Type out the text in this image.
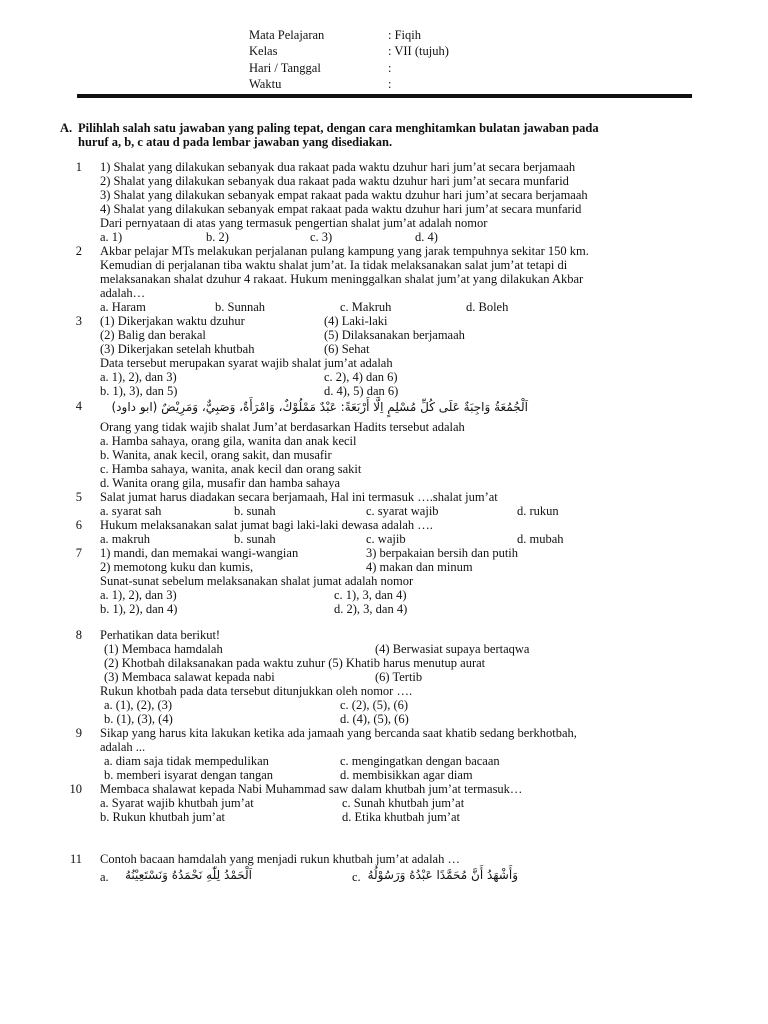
Mata Pelajaran	: Fiqih
Kelas	: VII (tujuh)
Hari / Tanggal	:
Waktu	:
A. Pilihlah salah satu jawaban yang paling tepat, dengan cara menghitamkan bulatan jawaban pada
huruf a, b, c atau d pada lembar jawaban yang disediakan.
1 1) Shalat yang dilakukan sebanyak dua rakaat pada waktu dzuhur hari jum’at secara berjamaah
2) Shalat yang dilakukan sebanyak dua rakaat pada waktu dzuhur hari jum’at secara munfarid
3) Shalat yang dilakukan sebanyak empat rakaat pada waktu dzuhur hari jum’at secara berjamaah
4) Shalat yang dilakukan sebanyak empat rakaat pada waktu dzuhur hari jum’at secara munfarid
Dari pernyataan di atas yang termasuk pengertian shalat jum’at adalah nomor
a. 1)	b. 2)	c. 3)	d. 4)
2 Akbar pelajar MTs melakukan perjalanan pulang kampung yang jarak tempuhnya sekitar 150 km.
Kemudian di perjalanan tiba waktu shalat jum’at. Ia tidak melaksanakan salat jum’at tetapi di
melaksanakan shalat dzuhur 4 rakaat. Hukum meninggalkan shalat jum’at yang dilakukan Akbar
adalah…
a. Haram	b. Sunnah	c. Makruh	d. Boleh
3 (1) Dikerjakan waktu dzuhur	(4) Laki-laki
(2) Balig dan berakal	(5) Dilaksanakan berjamaah
(3) Dikerjakan setelah khutbah	(6) Sehat
Data tersebut merupakan syarat wajib shalat jum’at adalah
a. 1), 2), dan 3)	c. 2), 4) dan 6)
b. 1), 3), dan 5)	d. 4), 5) dan 6)
4	اَلْجُمُعَةُ وَاجِبَةٌ عَلَى كُلِّ مُسْلِمٍ اِلَّا أَرْبَعَةً: عَبْدٌ مَمْلُوْكٌ، وَامْرَأَةٌ، وَصَبِيٌّ، وَمَرِيْضٌ (ابو داود)
Orang yang tidak wajib shalat Jum’at berdasarkan Hadits tersebut adalah
a. Hamba sahaya, orang gila, wanita dan anak kecil
b. Wanita, anak kecil, orang sakit, dan musafir
c. Hamba sahaya, wanita, anak kecil dan orang sakit
d. Wanita orang gila, musafir dan hamba sahaya
5 Salat jumat harus diadakan secara berjamaah, Hal ini termasuk ….shalat jum’at
a. syarat sah	b. sunah	c. syarat wajib	d. rukun
6 Hukum melaksanakan salat jumat bagi laki-laki dewasa adalah ….
a. makruh	b. sunah	c. wajib	d. mubah
7 1) mandi, dan memakai wangi-wangian	3) berpakaian bersih dan putih
2) memotong kuku dan kumis,	4) makan dan minum
Sunat-sunat sebelum melaksanakan shalat jumat adalah nomor
a. 1), 2), dan 3)	c. 1), 3, dan 4)
b. 1), 2), dan 4)	d. 2), 3, dan 4)
8 Perhatikan data berikut!
(1) Membaca hamdalah	(4) Berwasiat supaya bertaqwa
(2) Khotbah dilaksanakan pada waktu zuhur (5) Khatib harus menutup aurat
(3) Membaca salawat kepada nabi	(6) Tertib
Rukun khotbah pada data tersebut ditunjukkan oleh nomor ….
a. (1), (2), (3)	c. (2), (5), (6)
b. (1), (3), (4)	d. (4), (5), (6)
9 Sikap yang harus kita lakukan ketika ada jamaah yang bercanda saat khatib sedang berkhotbah,
adalah ...
a. diam saja tidak mempedulikan	c. mengingatkan dengan bacaan
b. memberi isyarat dengan tangan	d. membisikkan agar diam
10 Membaca shalawat kepada Nabi Muhammad saw dalam khutbah jum’at termasuk…
a. Syarat wajib khutbah jum’at	c. Sunah khutbah jum’at
b. Rukun khutbah jum’at	d. Etika khutbah jum’at
11 Contoh bacaan hamdalah yang menjadi rukun khutbah jum’at adalah …
a.	اَلْحَمْدُ لِلّٰهِ نَحْمَدُهُ وَنَسْتَعِيْنُهُ	c. وَأَشْهَدُ أَنَّ مُحَمَّدًا عَبْدُهُ وَرَسُوْلُهُ
